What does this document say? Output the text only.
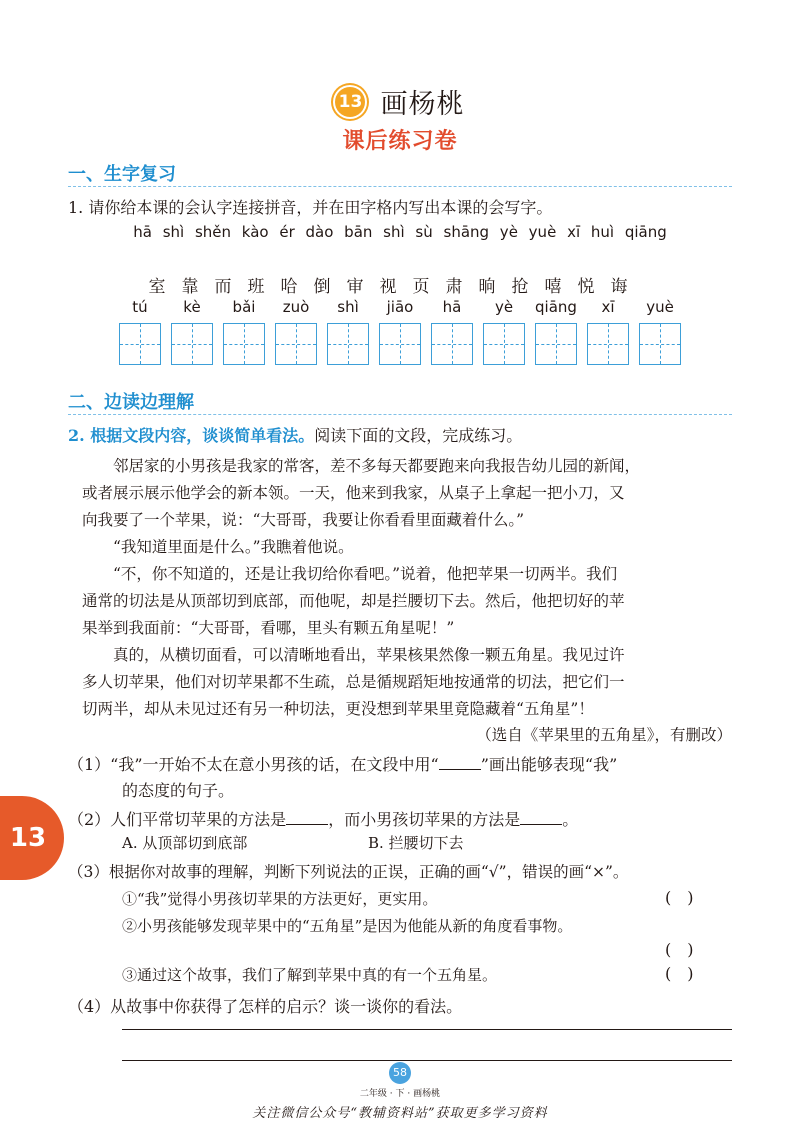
13 画杨桃
课后练习卷
一、生字复习
1. 请你给本课的会认字连接拼音，并在田字格内写出本课的会写字。
hā shì shěn kào ér dào bān shì sù shāng yè yuè xī huì qiāng
室 靠 而 班 哈 倒 审 视 页 肃 晌 抢 嘻 悦 诲
tú	kè	bǎi	zuò	shì	jiāo	hā	yè	qiāng	xī	yuè
二、边读边理解
2. 根据文段内容，谈谈简单看法。阅读下面的文段，完成练习。
邻居家的小男孩是我家的常客，差不多每天都要跑来向我报告幼儿园的新闻，
或者展示展示他学会的新本领。一天，他来到我家，从桌子上拿起一把小刀，又
向我要了一个苹果，说：“大哥哥，我要让你看看里面藏着什么。”
“我知道里面是什么。”我瞧着他说。
“不，你不知道的，还是让我切给你看吧。”说着，他把苹果一切两半。我们
通常的切法是从顶部切到底部，而他呢，却是拦腰切下去。然后，他把切好的苹
果举到我面前：“大哥哥，看哪，里头有颗五角星呢！”
真的，从横切面看，可以清晰地看出，苹果核果然像一颗五角星。我见过许
多人切苹果，他们对切苹果都不生疏，总是循规蹈矩地按通常的切法，把它们一
切两半，却从未见过还有另一种切法，更没想到苹果里竟隐藏着“五角星”！
（选自《苹果里的五角星》，有删改）
（1）“我”一开始不太在意小男孩的话，在文段中用“	”画出能够表现“我”
的态度的句子。
（2）人们平常切苹果的方法是	，而小男孩切苹果的方法是	。
A. 从顶部切到底部	B. 拦腰切下去
（3）根据你对故事的理解，判断下列说法的正误，正确的画“√”，错误的画“×”。
①“我”觉得小男孩切苹果的方法更好，更实用。	()
②小男孩能够发现苹果中的“五角星”是因为他能从新的角度看事物。
()
③通过这个故事，我们了解到苹果中真的有一个五角星。	()
（4）从故事中你获得了怎样的启示？谈一谈你的看法。
13
58
二年级 · 下 · 画杨桃
关注微信公众号“教辅资料站”获取更多学习资料
